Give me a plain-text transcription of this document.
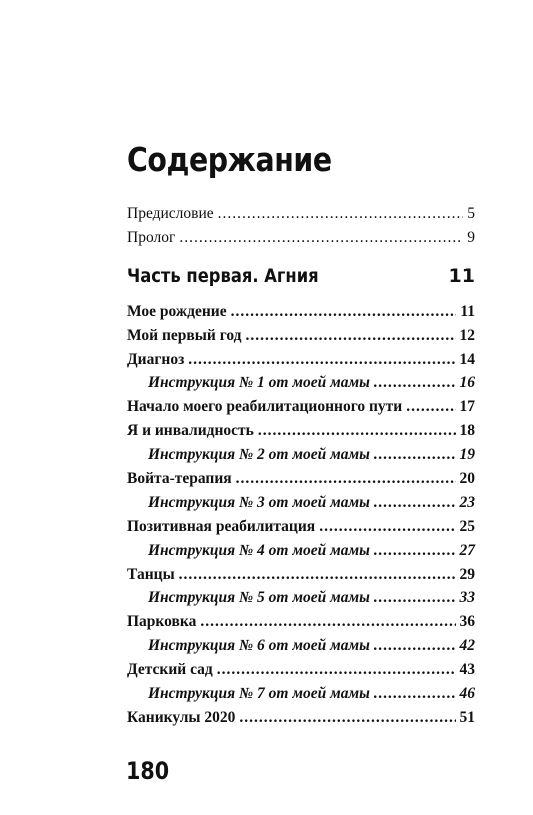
Содержание
Предисловие .....	5
Пролог .....	9
Часть первая. Агния	11
Мое рождение .....	11
Мой первый год .....	12
Диагноз .....	14
Инструкция № 1 от моей мамы .....	16
Начало моего реабилитационного пути .....	17
Я и инвалидность .....	18
Инструкция № 2 от моей мамы .....	19
Войта-терапия .....	20
Инструкция № 3 от моей мамы .....	23
Позитивная реабилитация .....	25
Инструкция № 4 от моей мамы .....	27
Танцы .....	29
Инструкция № 5 от моей мамы .....	33
Парковка .....	36
Инструкция № 6 от моей мамы .....	42
Детский сад .....	43
Инструкция № 7 от моей мамы .....	46
Каникулы 2020 .....	51
180
